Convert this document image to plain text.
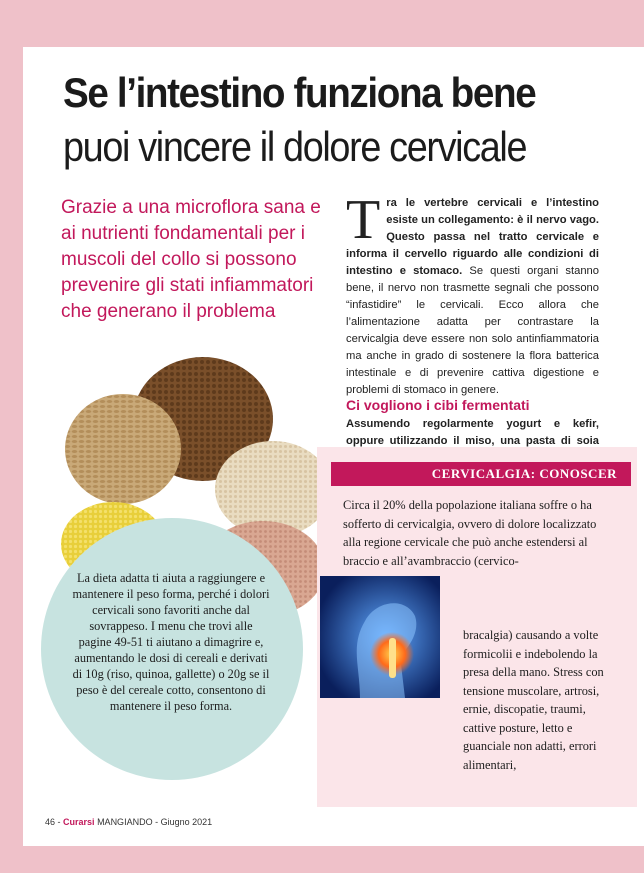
Se l’intestino funziona bene
puoi vincere il dolore cervicale
Grazie a una microflora sana e ai nutrienti fondamentali per i muscoli del collo si possono prevenire gli stati infiammatori che generano il problema
Tra le vertebre cervicali e l’intestino esiste un collegamento: è il nervo vago. Questo passa nel tratto cervicale e informa il cervello riguardo alle condizioni di intestino e stomaco. Se questi organi stanno bene, il nervo non trasmette segnali che possono “infastidire” le cervicali. Ecco allora che l’alimentazione adatta per contrastare la cervicalgia deve essere non solo antinfiammatoria ma anche in grado di sostenere la flora batterica intestinale e di prevenire cattiva digestione e problemi di stomaco in genere.
Ci vogliono i cibi fermentati
Assumendo regolarmente yogurt e kefir, oppure utilizzando il miso, una pasta di soia
46 - Curarsi MANGIANDO - Giugno 2021
La dieta adatta ti aiuta a raggiungere e mantenere il peso forma, perché i dolori cervicali sono favoriti anche dal sovrappeso. I menu che trovi alle pagine 49-51 ti aiutano a dimagrire e, aumentando le dosi di cereali e derivati di 10g (riso, quinoa, gallette) o 20g se il peso è del cereale cotto, consentono di mantenere il peso forma.
CERVICALGIA: CONOSCER
Circa il 20% della popolazione italiana soffre o ha sofferto di cervicalgia, ovvero di dolore localizzato alla regione cervicale che può anche estendersi al braccio e all’avambraccio (cervico-
bracalgia) causando a volte formicolii e indebolendo la presa della mano. Stress con tensione muscolare, artrosi, ernie, discopatie, traumi, cattive posture, letto e guanciale non adatti, errori alimentari,
